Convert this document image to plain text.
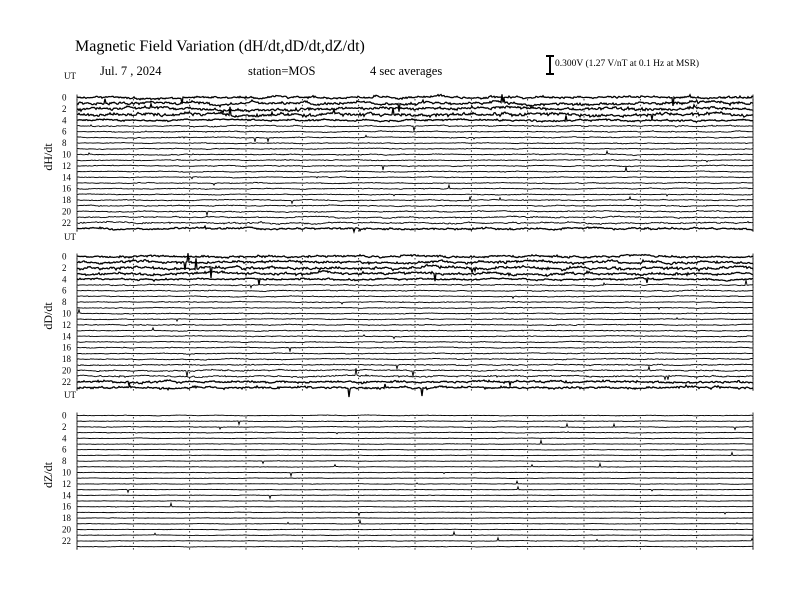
Magnetic Field Variation (dH/dt,dD/dt,dZ/dt)
Jul. 7 , 2024	station=MOS	4 sec averages	0.300V (1.27 V/nT at 0.1 Hz at MSR)
UT
dH/dt
0
2
4
6
8
10
12
14
16
18
20
22
UT
dD/dt
0
2
4
6
8
10
12
14
16
18
20
22
UT
dZ/dt
0
2
4
6
8
10
12
14
16
18
20
22
